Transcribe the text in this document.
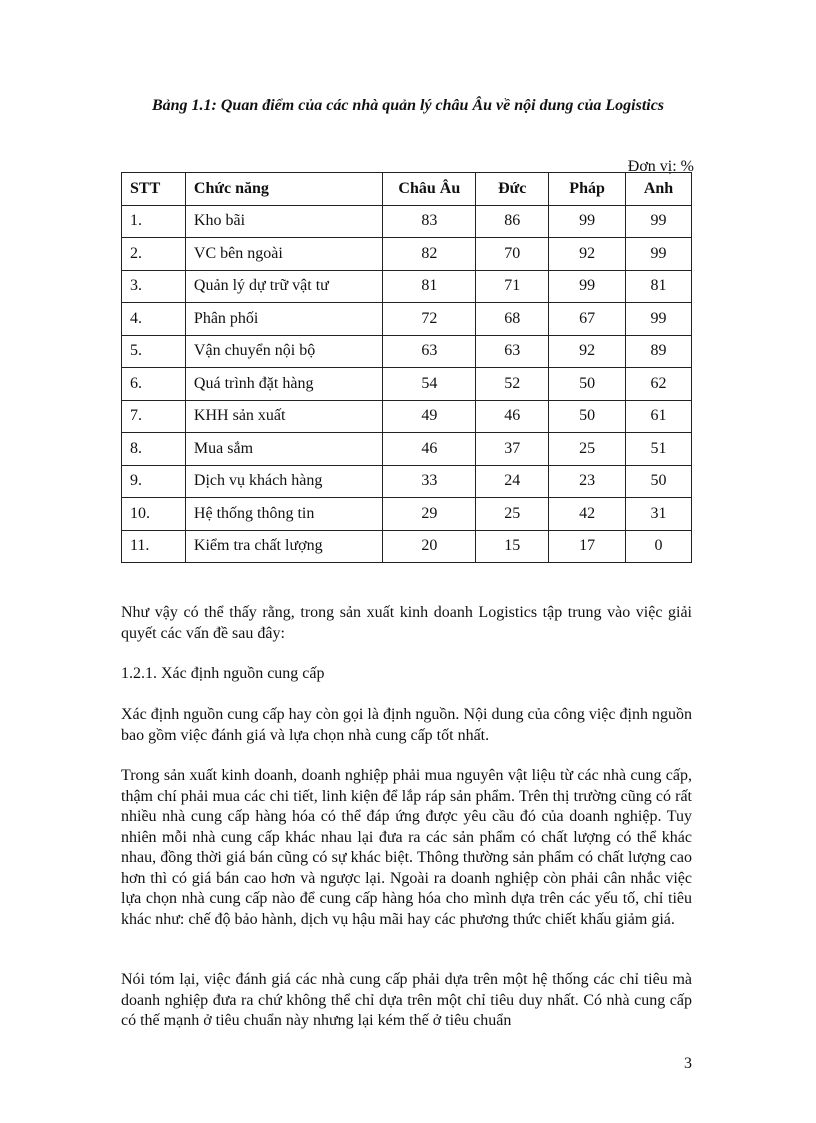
Bảng 1.1: Quan điểm của các nhà quản lý châu Âu về nội dung của Logistics
Đơn vị: %
STT	Chức năng	Châu Âu	Đức	Pháp	Anh
1.	Kho bãi	83	86	99	99
2.	VC bên ngoài	82	70	92	99
3.	Quản lý dự trữ vật tư	81	71	99	81
4.	Phân phối	72	68	67	99
5.	Vận chuyển nội bộ	63	63	92	89
6.	Quá trình đặt hàng	54	52	50	62
7.	KHH sản xuất	49	46	50	61
8.	Mua sắm	46	37	25	51
9.	Dịch vụ khách hàng	33	24	23	50
10.	Hệ thống thông tin	29	25	42	31
11.	Kiểm tra chất lượng	20	15	17	0

Như vậy có thể thấy rằng, trong sản xuất kinh doanh Logistics tập trung vào việc giải quyết các vấn đề sau đây:

1.2.1. Xác định nguồn cung cấp

Xác định nguồn cung cấp hay còn gọi là định nguồn. Nội dung của công việc định nguồn bao gồm việc đánh giá và lựa chọn nhà cung cấp tốt nhất.

Trong sản xuất kinh doanh, doanh nghiệp phải mua nguyên vật liệu từ các nhà cung cấp, thậm chí phải mua các chi tiết, linh kiện để lắp ráp sản phẩm. Trên thị trường cũng có rất nhiều nhà cung cấp hàng hóa có thể đáp ứng được yêu cầu đó của doanh nghiệp. Tuy nhiên mỗi nhà cung cấp khác nhau lại đưa ra các sản phẩm có chất lượng có thể khác nhau, đồng thời giá bán cũng có sự khác biệt. Thông thường sản phẩm có chất lượng cao hơn thì có giá bán cao hơn và ngược lại. Ngoài ra doanh nghiệp còn phải cân nhắc việc lựa chọn nhà cung cấp nào để cung cấp hàng hóa cho mình dựa trên các yếu tố, chỉ tiêu khác như: chế độ bảo hành, dịch vụ hậu mãi hay các phương thức chiết khấu giảm giá.

Nói tóm lại, việc đánh giá các nhà cung cấp phải dựa trên một hệ thống các chỉ tiêu mà doanh nghiệp đưa ra chứ không thể chỉ dựa trên một chỉ tiêu duy nhất. Có nhà cung cấp có thế mạnh ở tiêu chuẩn này nhưng lại kém thế ở tiêu chuẩn

3
